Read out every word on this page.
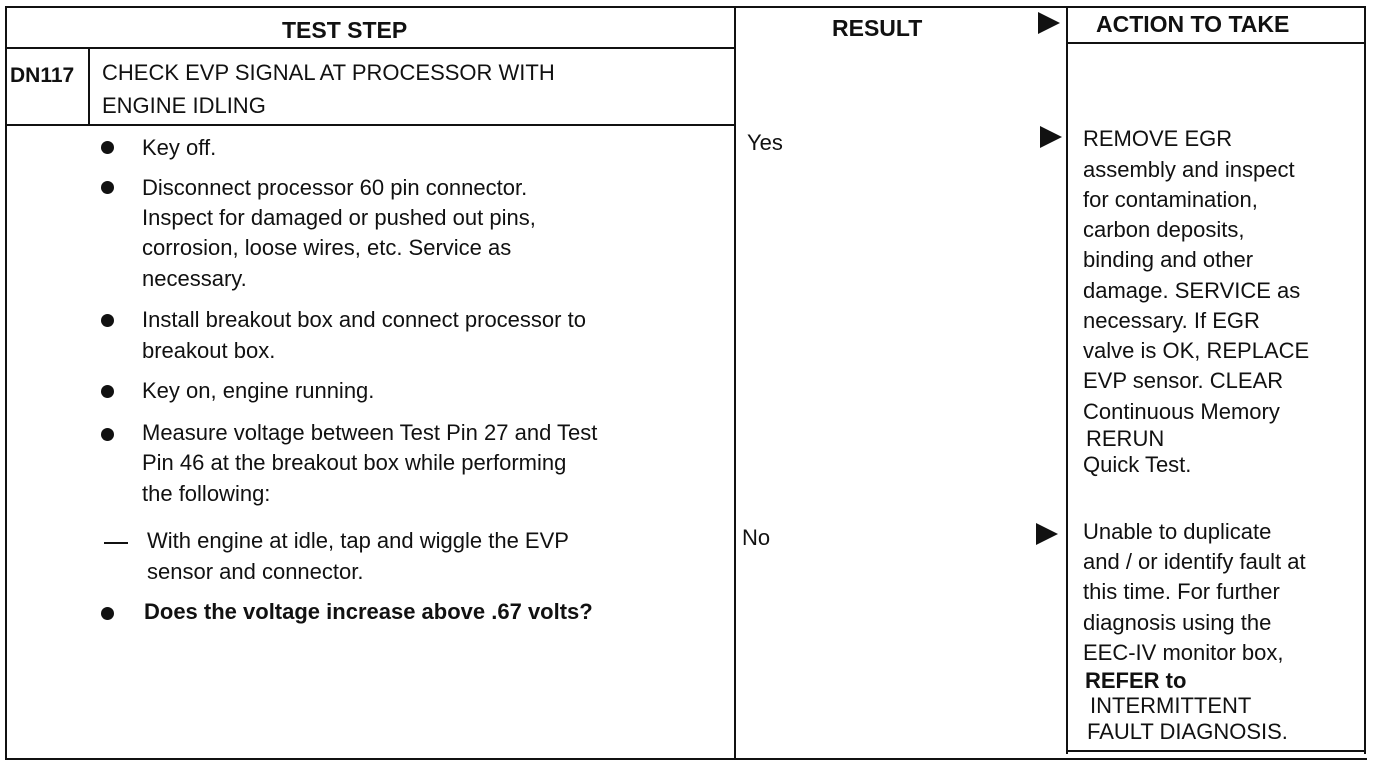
TEST STEP	RESULT	ACTION TO TAKE
DN117 CHECK EVP SIGNAL AT PROCESSOR WITH
ENGINE IDLING
Key off.
Disconnect processor 60 pin connector.
Inspect for damaged or pushed out pins,
corrosion, loose wires, etc. Service as
necessary.
Install breakout box and connect processor to
breakout box.
Key on, engine running.
Measure voltage between Test Pin 27 and Test
Pin 46 at the breakout box while performing
the following:
With engine at idle, tap and wiggle the EVP
sensor and connector.
Does the voltage increase above .67 volts?
Yes
No
REMOVE EGR
assembly and inspect
for contamination,
carbon deposits,
binding and other
damage. SERVICE as
necessary. If EGR
valve is OK, REPLACE
EVP sensor. CLEAR
Continuous Memory
RERUN
Quick Test.
Unable to duplicate
and / or identify fault at
this time. For further
diagnosis using the
EEC-IV monitor box,
REFER to
INTERMITTENT
FAULT DIAGNOSIS.
